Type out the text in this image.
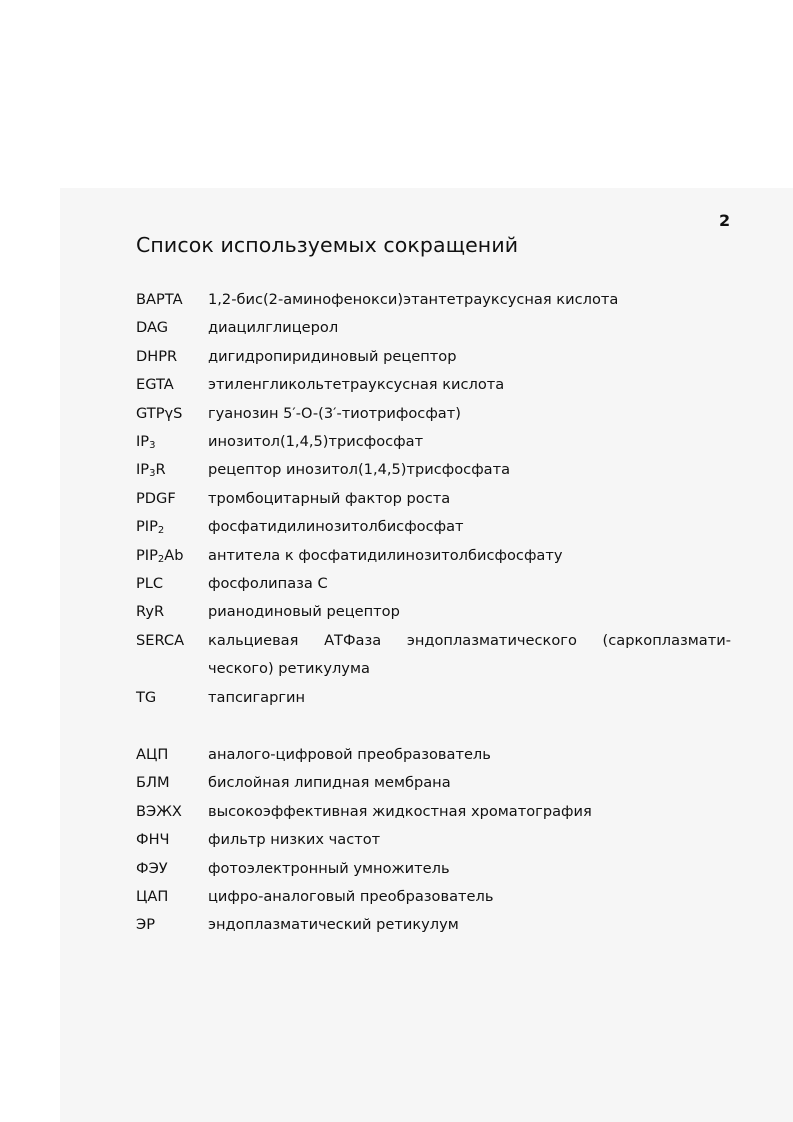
2
Список используемых сокращений
BAPTA	1,2-бис(2-аминофенокси)этантетрауксусная кислота
DAG	диацилглицерол
DHPR	дигидропиридиновый рецептор
EGTA	этиленгликольтетрауксусная кислота
GTPγS	гуанозин 5′-O-(3′-тиотрифосфат)
$IP_3$	инозитол(1,4,5)трисфосфат
$IP_3R$	рецептор инозитол(1,4,5)трисфосфата
PDGF	тромбоцитарный фактор роста
$PIP_2$	фосфатидилинозитолбисфосфат
$PIP_2Ab$	антитела к фосфатидилинозитолбисфосфату
PLC	фосфолипаза C
RyR	рианодиновый рецептор
SERCA	кальциевая АТФаза эндоплазматического (саркоплазмати-
ческого) ретикулума
TG	тапсигаргин
АЦП	аналого-цифровой преобразователь
БЛМ	бислойная липидная мембрана
ВЭЖХ	высокоэффективная жидкостная хроматография
ФНЧ	фильтр низких частот
ФЭУ	фотоэлектронный умножитель
ЦАП	цифро-аналоговый преобразователь
ЭР	эндоплазматический ретикулум
